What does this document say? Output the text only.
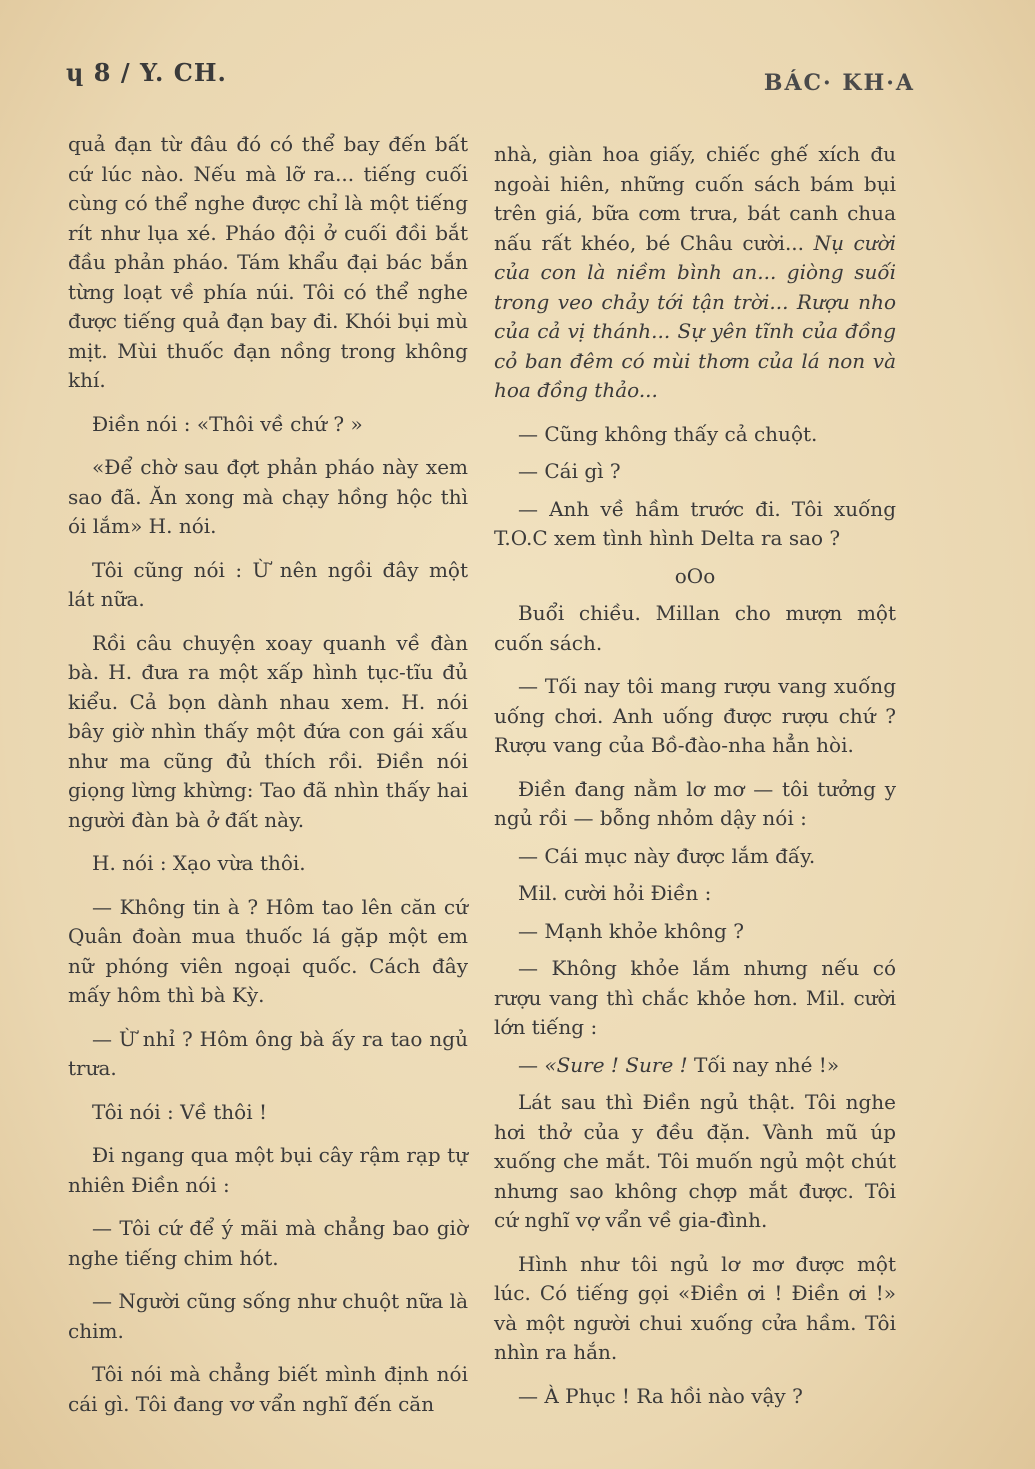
ɥ 8 / Y. CH.	BÁC· KH·A

quả đạn từ đâu đó có thể bay đến bất cứ lúc nào. Nếu mà lỡ ra... tiếng cuối cùng có thể nghe được chỉ là một tiếng rít như lụa xé. Pháo đội ở cuối đồi bắt đầu phản pháo. Tám khẩu đại bác bắn từng loạt về phía núi. Tôi có thể nghe được tiếng quả đạn bay đi. Khói bụi mù mịt. Mùi thuốc đạn nồng trong không khí.

Điền nói : «Thôi về chứ ? »

«Để chờ sau đợt phản pháo này xem sao đã. Ăn xong mà chạy hồng hộc thì ói lắm» H. nói.

Tôi cũng nói : Ừ nên ngồi đây một lát nữa.

Rồi câu chuyện xoay quanh về đàn bà. H. đưa ra một xấp hình tục-tĩu đủ kiểu. Cả bọn dành nhau xem. H. nói bây giờ nhìn thấy một đứa con gái xấu như ma cũng đủ thích rồi. Điền nói giọng lừng khừng: Tao đã nhìn thấy hai người đàn bà ở đất này.

H. nói : Xạo vừa thôi.

— Không tin à ? Hôm tao lên căn cứ Quân đoàn mua thuốc lá gặp một em nữ phóng viên ngoại quốc. Cách đây mấy hôm thì bà Kỳ.

— Ừ nhỉ ? Hôm ông bà ấy ra tao ngủ trưa.

Tôi nói : Về thôi !

Đi ngang qua một bụi cây rậm rạp tự nhiên Điền nói :

— Tôi cứ để ý mãi mà chẳng bao giờ nghe tiếng chim hót.

— Người cũng sống như chuột nữa là chim.

Tôi nói mà chẳng biết mình định nói cái gì. Tôi đang vơ vẩn nghĩ đến căn

nhà, giàn hoa giấy, chiếc ghế xích đu ngoài hiên, những cuốn sách bám bụi trên giá, bữa cơm trưa, bát canh chua nấu rất khéo, bé Châu cười... Nụ cười của con là niềm bình an... giòng suối trong veo chảy tới tận trời... Rượu nho của cả vị thánh... Sự yên tĩnh của đồng cỏ ban đêm có mùi thơm của lá non và hoa đồng thảo...

— Cũng không thấy cả chuột.

— Cái gì ?

— Anh về hầm trước đi. Tôi xuống T.O.C xem tình hình Delta ra sao ?

oOo

Buổi chiều. Millan cho mượn một cuốn sách.

— Tối nay tôi mang rượu vang xuống uống chơi. Anh uống được rượu chứ ? Rượu vang của Bồ-đào-nha hẳn hòi.

Điền đang nằm lơ mơ — tôi tưởng y ngủ rồi — bỗng nhỏm dậy nói :

— Cái mục này được lắm đấy.

Mil. cười hỏi Điền :

— Mạnh khỏe không ?

— Không khỏe lắm nhưng nếu có rượu vang thì chắc khỏe hơn. Mil. cười lớn tiếng :

— «Sure ! Sure ! Tối nay nhé !»

Lát sau thì Điền ngủ thật. Tôi nghe hơi thở của y đều đặn. Vành mũ úp xuống che mắt. Tôi muốn ngủ một chút nhưng sao không chợp mắt được. Tôi cứ nghĩ vợ vẩn về gia-đình.

Hình như tôi ngủ lơ mơ được một lúc. Có tiếng gọi «Điền ơi ! Điền ơi !» và một người chui xuống cửa hầm. Tôi nhìn ra hắn.

— À Phục ! Ra hồi nào vậy ?
